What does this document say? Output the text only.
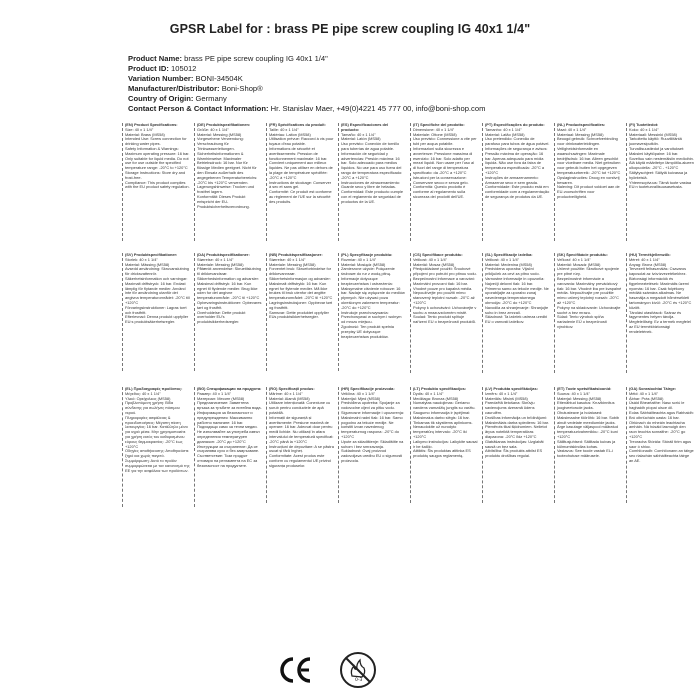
GPSR Label for : brass PE pipe screw coupling IG 40x1 1/4"
Product Name: brass PE pipe screw coupling IG 40x1 1/4"
Product ID: 105012
Variation Number: BONI-34504K
Manufacturer/Distributor: Boni-Shop®
Country of Origin: Germany
Contact Person & Contact Information: Hr. Stanislav Maer, +49(0)4221 45 777 00, info@boni-shop.com
(EN) Product Specifications:
Size: 40 x 1 1/4"
Material: Brass (MS58)
Intended Use: Screw connection for drinking water pipes.
Safety Information & Warnings: Maximum operating pressure: 16 bar. Only suitable for liquid media. Do not use for use outside the specified temperature range: -20°C to +120°C
Storage Instructions: Store dry and frost-free.
Compliance: This product complies with the EU product safety regulation.
(DE) Produktspezifikationen:
Größe: 40 x 1 1/4"
Material: Messing (MS58)
Vorgesehene Verwendung: Verschraubung für Trinkwasserleitungen.
Sicherheitsinformationen & Warnhinweise: Maximaler Betriebsdruck: 16 bar. Nur für flüssige Medien geeignet. Nicht für den Einsatz außerhalb des angegebenen Temperaturbereichs: -20°C bis +120°C verwenden.
Lagerungshinweise: Trocken und frostfrei lagern.
Konformität: Dieses Produkt entspricht der EU-Produktsicherheitsverordnung.
(FR) Spécifications du produit:
Taille: 40 x 1 1/4"
Matériau: Laiton (MS58)
Utilisation prévue: Raccord à vis pour tuyaux d'eau potable.
Informations de sécurité et avertissements: Pression de fonctionnement maximale: 16 bar. Convient uniquement aux milieux liquides. Ne pas utiliser en dehors de la plage de température spécifiée: -20°C à +120°C
Instructions de stockage: Conserver à sec et sans gel.
Conformité: Ce produit est conforme au règlement de l'UE sur la sécurité des produits.
(ES) Especificaciones del producto:
Tamaño: 40 x 1 1/4"
Material: Latón (MS58)
Uso previsto: Conexión de tornillo para tuberías de agua potable.
Información de seguridad y advertencias: Presión máxima: 16 bar. Solo adecuado para medios líquidos. No use para uso fuera del rango de temperatura especificado: -20°C a +120°C
Instrucciones de almacenamiento: Guarde seco y libre de heladas.
Conformidad: Este producto cumple con el reglamento de seguridad de productos de la UE.
(IT) Specifiche del prodotto:
Dimensione: 40 x 1 1/4"
Materiale: Ottone (MS58)
Uso previsto: Connessione a vite per tubi per acqua potabile.
Informazioni sulla sicurezza e avvertenze: Pressione massima di esercizio: 16 bar. Solo adatto per mezzi liquidi. Non usare per l'uso al di fuori del range di temperatura specificato: da -20°C a +120°C
Istruzioni per la conservazione: Conservare secco e senza gelo.
Conformità: Questo prodotto è conforme al regolamento sulla sicurezza dei prodotti dell'UE.
(PT) Especificações do produto:
Tamanho: 40 x 1 1/4"
Material: Latão (MS58)
Uso pretendido: Conexão de parafuso para tubos de água potável.
Informações de segurança e avisos: Pressão máxima de operação: 16 bar. Apenas adequado para mídia líquida. Não use fora da faixa de temperatura especificada: -20°C a +120°C
Instruções de armazenamento: Armazenar seco e sem geada.
Conformidade: Este produto está em conformidade com a regulamentação de segurança de produtos da UE.
(NL) Productspecificaties:
Maat: 40 x 1 1/4"
Materiaal: Messing (MS58)
Beoogd gebruik: Schroefverbinding voor drinkwaterleidingen.
Veiligheidsinformatie en waarschuwingen: Maximale bedrijfsdruk: 16 bar. Alleen geschikt voor vloeibare media. Niet gebruiken voor gebruik buiten het opgegeven temperatuurbereik: -20°C tot +120°C
Opslaginstructies: Droog en vorstvrij bewaren.
Naleving: Dit product voldoet aan de EU-voorschriften voor productveiligheid.
(FI) Tuotetiedot:
Koko: 40 x 1 1/4"
Materiaali: Messinki (MS58)
Tarkoitettu käyttö: Ruuviliitäntä juomavesiputkiin.
Turvallisuustiedot ja varoitukset: Maksimi käyttöpaine: 16 bar. Soveltuu vain nestemäisiin medioihin. Älä käytä määritetyn lämpötila-alueen ulkopuolella: -20°C - +120°C
Säilytysohjeet: Säilytä kuivassa ja hyönteisiä.
Yhteensopivuus: Tämä tuote vastaa EU:n tuoteturvallisuusasetusta.
(SV) Produktspecifikationer:
Storlek: 40 x 1 1/4"
Material: Mässing (MS58)
Avsedd användning: Skruvanslutning för dricksvattenrör.
Säkerhetsinformation och varningar: Maximalt driftstryck: 16 bar. Endast lämplig för flytande medier. Använd inte för användning utanför det angivna temperaturområdet: -20°C till +120°C
Förvaringsinstruktioner: Lagras torrt och frostfritt.
Efterlevnad: Denna produkt uppfyller EU:s produktsäkerhetsregler.
(DA) Produktspecifikationer:
Størrelse: 40 x 1 1/4"
Materiale: Messing (MS58)
Påtænkt anvendelse: Skruetilslutning til drikkevandsrør.
Sikkerhedsinformation og advarsler: Maksimal driftstryk: 16 bar. Kun egnet til flydende medier. Brug ikke uden for det angivne temperaturområde: -20°C til +120°C
Opbevaringsinstruktioner: Opbevares tørt og frostfrit.
Overholdelse: Dette produkt overholder EU's produktsikkerhedsregler.
(NB) Produktspesifikasjoner:
Størrelse: 40 x 1 1/4"
Materiale: Messing (MS58)
Forventet bruk: Skrueforbindelse for drikkevannsrør.
Sikkerhetsinformasjon og advarsler: Maksimalt driftstrykk: 16 bar. Kun egnet for flytende medier. Må ikke brukes til bruk utenfor det angitte temperaturområdet: -20°C til +120°C
Lagringsinstruksjoner: Oppbevar tørt og frostfritt.
Samsvar: Dette produktet oppfyller EUs produktsikkerhetsregler.
(PL) Specyfikacje produktu:
Rozmiar: 40 x 1 1/4"
Materiał: Mosiądz (MS58)
Zamierzone użycie: Połączenie śrubowe do rur z wodą pitną.
Informacje dotyczące bezpieczeństwa i ostrzeżenia: Maksymalne ciśnienie robocze: 16 bar. Nadaje się wyłącznie do mediów płynnych. Nie używać poza określonym zakresem temperatur: -20°C do +120°C
Instrukcje przechowywania: Przechowywać w suchym i wolnym od mrozu miejscu.
Zgodność: Ten produkt spełnia przepisy UE dotyczące bezpieczeństwa produktów.
(CS) Specifikace produktu:
Velikost: 40 x 1 1/4"
Materiál: Mosaz (MS58)
Předpokládané použití: Šroubové připojení pro potrubí pro pitnou vodu.
Bezpečnostní informace a varování: Maximální provozní tlak: 16 bar. Vhodné pouze pro kapalná média. Nepoužívejte pro použití mimo stanovený teplotní rozsah: -20°C až +120°C
Pokyny k uchovávání: Uchovávejte v suchu a mrazuvzdorném místě.
Soulad: Tento produkt splňuje nařízení EU o bezpečnosti produktů.
(SL) Specifikacije izdelka:
Velikost: 40 x 1 1/4"
Material: Medenina (MS58)
Predvidena uporaba: Vijačni priključek za cevi za pitno vodo.
Varnostne informacije in opozorila: Največji delovni tlak: 16 bar. Primerno samo za tekoče medije. Ne uporabljajte za uporabo zunaj navedenega temperaturnega območja: -20°C do +120°C
Navodila za shranjevanje: Shranjujte suho in brez zmrzali.
Skladnost: Ta izdelek ustreza uredbi EU o varnosti izdelkov.
(SK) Špecifikácie produktu:
Veľkosť: 40 x 1 1/4"
Materiál: Mosadz (MS58)
Určené použitie: Skrutkové spojenie pre pitné rúry.
Bezpečnostné informácie a varovania: Maximálny prevádzkový tlak: 16 bar. Vhodné iba pre kvapalné média. Nepoužívajte pre použitie mimo určený teplotný rozsah: -20°C až +120°C
Pokyny na skladovanie: Uchovávajte suché a bez mrazu.
Súlad: Tento výrobok spĺňa nariadenie EÚ o bezpečnosti výrobkov.
(HU) Termékjellemzők:
Méret: 40 x 1 1/4"
Anyag: Bronz (MS58)
Tervezett felhasználás: Csavaros kapcsolat az ivóvízvezetékekhez.
Biztonsági információk és figyelmeztetések: Maximális üzemi nyomás: 16 bar. Csak folyékony médiák számára alkalmas. Ne használja a megadott hőmérsékleti tartományon kívül: -20°C és +120°C között.
Tárolási utasítások: Száraz és fagymentes helyen tárolja.
Megfelelőség: Ez a termék megfelel az EU termékbiztonsági rendeletének.
(EL) Προδιαγραφές προϊόντος:
Μέγεθος: 40 x 1 1/4"
Υλικό: Ορείχαλκος (MS58)
Προβλεπόμενη χρήση: Βίδα σύνδεσης για σωλήνες πόσιμου νερού.
Πληροφορίες ασφάλειας & προειδοποιήσεις: Μέγιστη πίεση λειτουργίας: 16 bar. Κατάλληλο μόνο για υγρά μέσα. Μην χρησιμοποιείτε για χρήση εκτός του καθορισμένου εύρους θερμοκρασίας: -20°C έως +120°C
Οδηγίες αποθήκευσης: Αποθηκεύστε ξηρό και χωρίς παγετό.
Συμμόρφωση: Αυτό το προϊόν συμμορφώνεται με τον κανονισμό της ΕΕ για την ασφάλεια των προϊόντων.
(BG) Спецификации на продукта:
Размер: 40 x 1 1/4"
Материал: Месинг (MS58)
Предназначение: Завинтена връзка за тръбите за питейна вода.
Информация за безопасност и предупреждения: Максимално работно налягане: 16 bar. Подходящо само за течни медии. Не използвайте за употреба извън определения температурен диапазон: -20°C до +120°C
Инструкции за съхранение: Да се съхранява сухо и без замръзване.
Съответствие: Този продукт отговаря на регламента на ЕС за безопасност на продуктите.
(RO) Specificații produs:
Mărime: 40 x 1 1/4"
Material: Alamă (MS58)
Utilizare intenționată: Conexiune cu șurub pentru conductele de apă potabilă.
Informații de siguranță și avertismente: Presiune maximă de operare: 16 bar. Adecvat doar pentru medii lichide. Nu utilizați în afara intervalului de temperatură specificat: -20°C până la +120°C
Instrucțiuni de depozitare: A se păstra uscat și fără îngheț.
Conformitate: Acest produs este conform cu regulamentul UE privind siguranța produselor.
(HR) Specifikacije proizvoda:
Veličina: 40 x 1 1/4"
Materijal: Mjed (MS58)
Predviđena upotreba: Spojanje za vodovodne cijevi za pitku vodu.
Sigurnosne informacije i upozorenja: Maksimalni radni tlak: 16 bar. Samo pogodno za tekuće medije. Ne koristiti izvan navedenog temperaturnog raspona: -20°C do +120°C
Upute za skladištenje: Skladištite na suhom i bez smrzavanja.
Sukladnost: Ovaj proizvod zadovoljava uredbu EU o sigurnosti proizvoda.
(LT) Produkto specifikacijos:
Dydis: 40 x 1 1/4"
Medžiaga: Bronza (MS58)
Numatytas naudojimas: Geriamo vandens vamzdžių jungtis su varžtu.
Saugumo informacija ir įspėjimai: Maksimalus darbo slėgis: 16 bar. Tinkamas tik skystiems aplinkoms. Nenaudokite už nurodyto temperatūrų intervalo: -20°C iki +120°C
Laikymo instrukcijos: Laikykite sausai ir be šalčio.
Atitiktis: Šis produktas atitinka ES produktų saugos reglamentą.
(LV) Produkta specifikācijas:
Izmērs: 40 x 1 1/4"
Materiāls: Misiņš (MS58)
Paredzētā lietošana: Skrūvju savienojums dzeramā ūdens caurulēm.
Drošības informācija un brīdinājumi: Maksimālais darba spiediens: 16 bar. Piemērots tikai šķidrumiem. Nelietot ārpus noteiktā temperatūras diapazona: -20°C līdz +120°C
Glabāšanas instrukcijas: Uzglabāt sausā un bez sala.
Atbilstība: Šis produkts atbilst ES produktu drošības regulai.
(ET) Toote spetsifikatsioonid:
Suurus: 40 x 1 1/4"
Materjal: Messing (MS58)
Ettenähtud kasutus: Kruvikinnitus joogiveetorude jaoks.
Ohutusteave ja hoiatused: Maksimaalne töörõhk: 16 bar. Sobib ainult vedelate meediumide jaoks. Ärge kasutage väljaspool määratud temperatuurivahemikku: -20°C kuni +120°C
Säilitusjuhised: Säilitada kuivas ja külmumiskindlas kohas.
Vastavus: See toode vastab EL-i tooteohutuse määrusele.
(GA) Sonraíochtaí Táirge:
Méid: 40 x 1 1/4"
Ábhar: Prás (MS58)
Úsáid Bheartaithe: Nasc scriú le haghaidh píopaí uisce óil.
Eolas Sábháilteachta agus Rabhaidh: Brú oibriúcháin uasta: 16 bar. Oiriúnach do mheáin leachtacha amháin. Ná húsáid lasmuigh den raon teochta sonraithe: -20°C go +120°C
Treoracha Stórála: Stóráil tirim agus saor ó shioc.
Comhlíonadh: Comhlíonann an táirge seo rialachán sábháilteachta táirge an AE.
0-3
